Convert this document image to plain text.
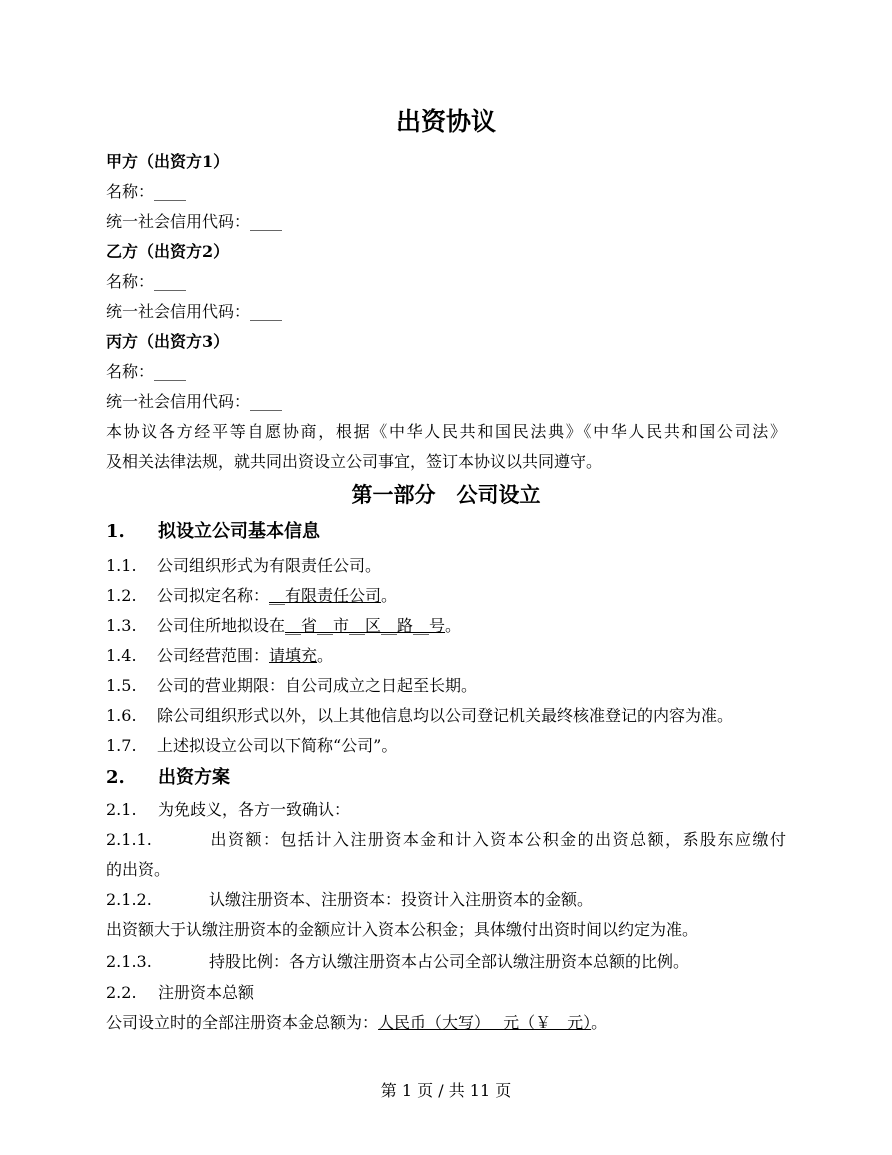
出资协议
甲方（出资方1）
名称：____
统一社会信用代码：____
乙方（出资方2）
名称：____
统一社会信用代码：____
丙方（出资方3）
名称：____
统一社会信用代码：____
本协议各方经平等自愿协商，根据《中华人民共和国民法典》《中华人民共和国公司法》
及相关法律法规，就共同出资设立公司事宜，签订本协议以共同遵守。
第一部分　公司设立
1. 拟设立公司基本信息
1.1. 公司组织形式为有限责任公司。
1.2. 公司拟定名称：__有限责任公司。
1.3. 公司住所地拟设在__省__市__区__路__号。
1.4. 公司经营范围：请填充。
1.5. 公司的营业期限：自公司成立之日起至长期。
1.6. 除公司组织形式以外，以上其他信息均以公司登记机关最终核准登记的内容为准。
1.7. 上述拟设立公司以下简称“公司”。
2. 出资方案
2.1. 为免歧义，各方一致确认：
2.1.1.	出资额：包括计入注册资本金和计入资本公积金的出资总额，系股东应缴付
的出资。
2.1.2.	认缴注册资本、注册资本：投资计入注册资本的金额。
出资额大于认缴注册资本的金额应计入资本公积金；具体缴付出资时间以约定为准。
2.1.3.	持股比例：各方认缴注册资本占公司全部认缴注册资本总额的比例。
2.2. 注册资本总额
公司设立时的全部注册资本金总额为：人民币（大写）　 元（￥　元）。
第 1 页 / 共 11 页
